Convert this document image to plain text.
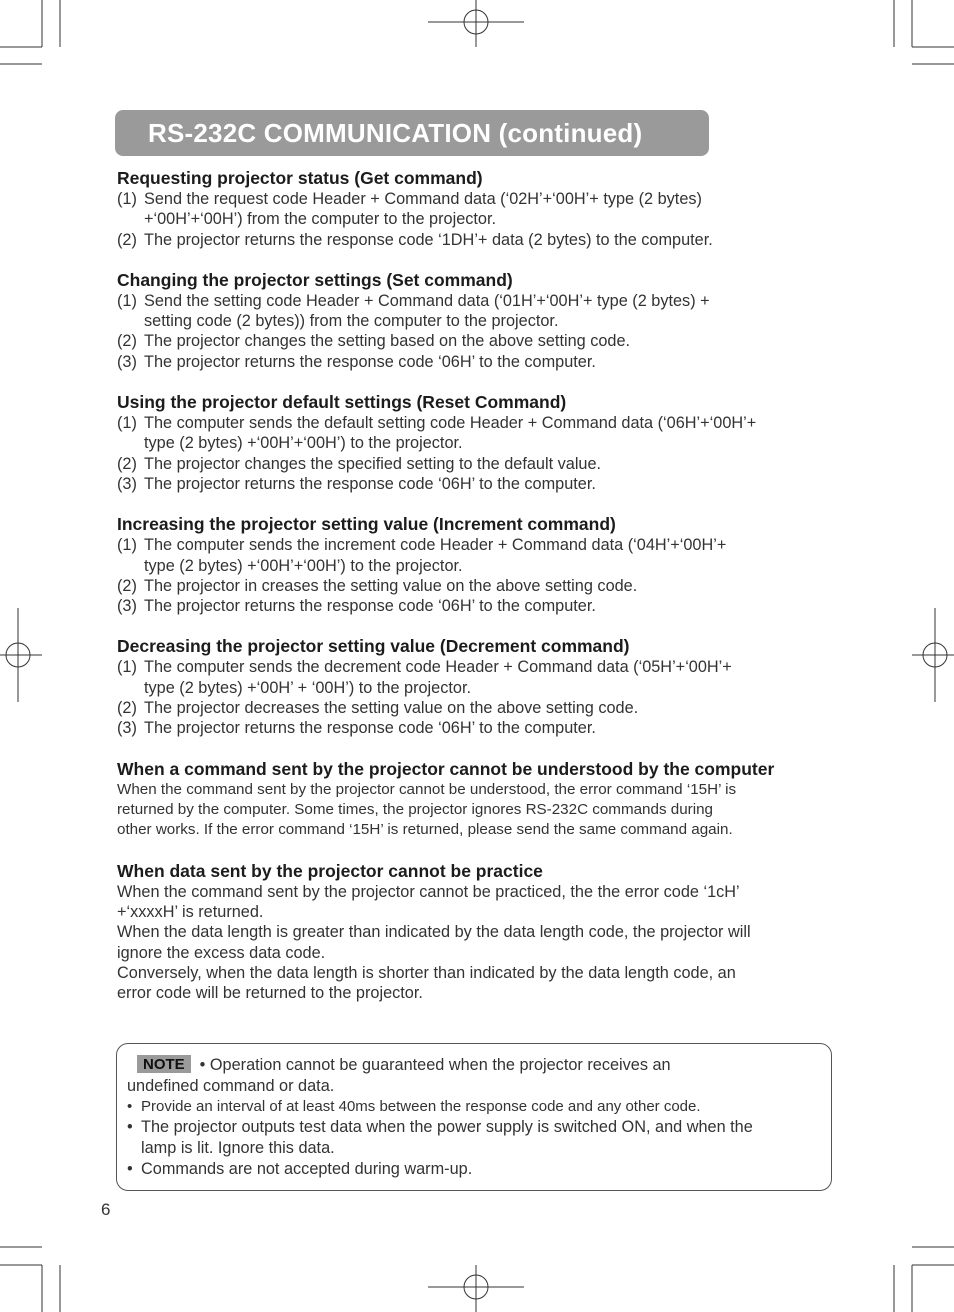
RS-232C COMMUNICATION (continued)
Requesting projector status (Get command)
(1) Send the request code Header + Command data (‘02H’+‘00H’+ type (2 bytes)
+‘00H’+‘00H’) from the computer to the projector.
(2) The projector returns the response code ‘1DH’+ data (2 bytes) to the computer.
Changing the projector settings (Set command)
(1) Send the setting code Header + Command data (‘01H’+‘00H’+ type (2 bytes) +
setting code (2 bytes)) from the computer to the projector.
(2) The projector changes the setting based on the above setting code.
(3) The projector returns the response code ‘06H’ to the computer.
Using the projector default settings (Reset Command)
(1) The computer sends the default setting code Header + Command data (‘06H’+‘00H’+
type (2 bytes) +‘00H’+‘00H’) to the projector.
(2) The projector changes the specified setting to the default value.
(3) The projector returns the response code ‘06H’ to the computer.
Increasing the projector setting value (Increment command)
(1) The computer sends the increment code Header + Command data (‘04H’+‘00H’+
type (2 bytes) +‘00H’+‘00H’) to the projector.
(2) The projector in creases the setting value on the above setting code.
(3) The projector returns the response code ‘06H’ to the computer.
Decreasing the projector setting value (Decrement command)
(1) The computer sends the decrement code Header + Command data (‘05H’+‘00H’+
type (2 bytes) +‘00H’ + ‘00H’) to the projector.
(2) The projector decreases the setting value on the above setting code.
(3) The projector returns the response code ‘06H’ to the computer.
When a command sent by the projector cannot be understood by the computer
When the command sent by the projector cannot be understood, the error command ‘15H’ is
returned by the computer. Some times, the projector ignores RS-232C commands during
other works. If the error command ‘15H’ is returned, please send the same command again.
When data sent by the projector cannot be practice
When the command sent by the projector cannot be practiced, the the error code ‘1cH’
+‘xxxxH’ is returned.
When the data length is greater than indicated by the data length code, the projector will
ignore the excess data code.
Conversely, when the data length is shorter than indicated by the data length code, an
error code will be returned to the projector.
NOTE • Operation cannot be guaranteed when the projector receives an
undefined command or data.
• Provide an interval of at least 40ms between the response code and any other code.
• The projector outputs test data when the power supply is switched ON, and when the
lamp is lit. Ignore this data.
• Commands are not accepted during warm-up.
6
